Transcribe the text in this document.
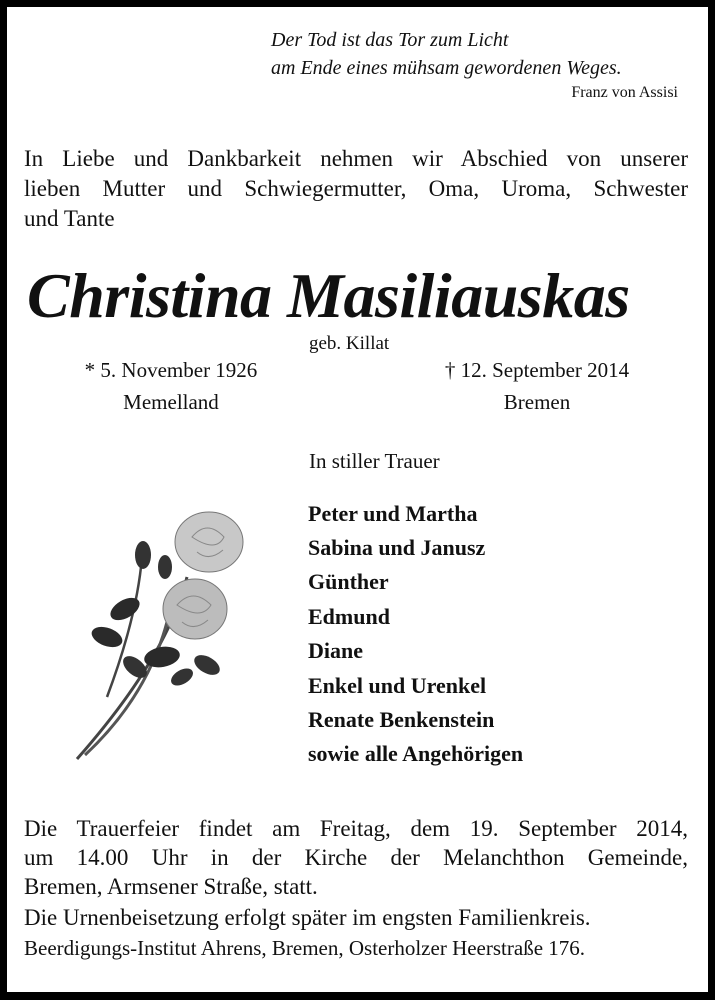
Der Tod ist das Tor zum Licht
am Ende eines mühsam gewordenen Weges.
Franz von Assisi
In Liebe und Dankbarkeit nehmen wir Abschied von unserer
lieben Mutter und Schwiegermutter, Oma, Uroma, Schwester
und Tante
Christina Masiliauskas
geb. Killat
* 5. November 1926
Memelland
† 12. September 2014
Bremen
In stiller Trauer
Peter und Martha
Sabina und Janusz
Günther
Edmund
Diane
Enkel und Urenkel
Renate Benkenstein
sowie alle Angehörigen
Die Trauerfeier findet am Freitag, dem 19. September 2014,
um 14.00 Uhr in der Kirche der Melanchthon Gemeinde,
Bremen, Armsener Straße, statt.
Die Urnenbeisetzung erfolgt später im engsten Familienkreis.
Beerdigungs-Institut Ahrens, Bremen, Osterholzer Heerstraße 176.
